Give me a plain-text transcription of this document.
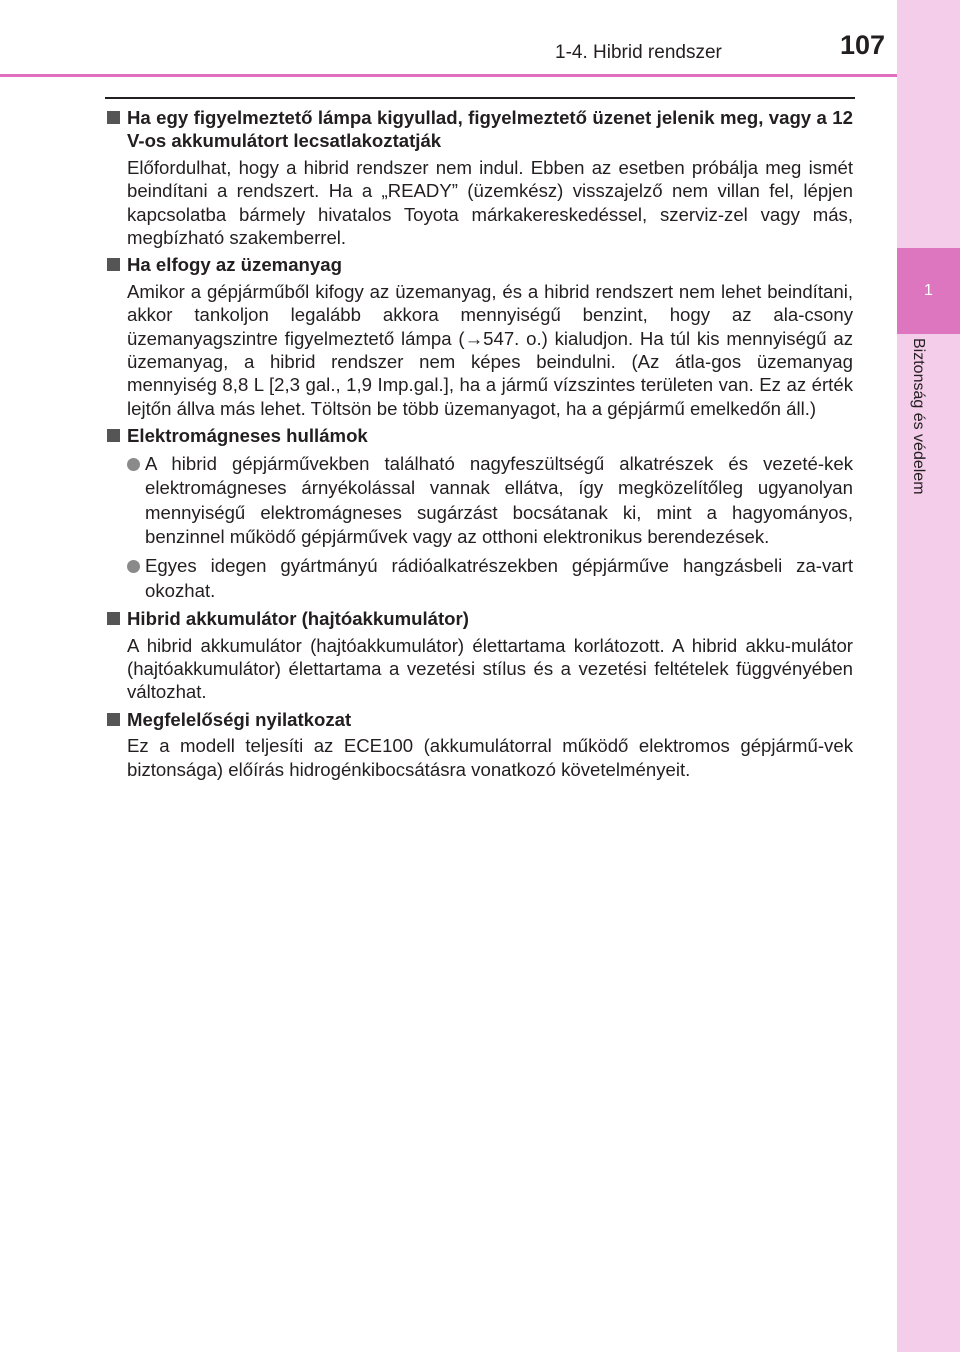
1
Biztonság és védelem
1-4. Hibrid rendszer	107
Ha egy figyelmeztető lámpa kigyullad, figyelmeztető üzenet jelenik meg, vagy a 12 V-os akkumulátort lecsatlakoztatják
Előfordulhat, hogy a hibrid rendszer nem indul. Ebben az esetben próbálja meg ismét beindítani a rendszert. Ha a „READY” (üzemkész) visszajelző nem villan fel, lépjen kapcsolatba bármely hivatalos Toyota márkakereskedéssel, szerviz-zel vagy más, megbízható szakemberrel.
Ha elfogy az üzemanyag
Amikor a gépjárműből kifogy az üzemanyag, és a hibrid rendszert nem lehet beindítani, akkor tankoljon legalább akkora mennyiségű benzint, hogy az ala-csony üzemanyagszintre figyelmeztető lámpa (→547. o.) kialudjon. Ha túl kis mennyiségű az üzemanyag, a hibrid rendszer nem képes beindulni. (Az átla-gos üzemanyag mennyiség 8,8 L [2,3 gal., 1,9 Imp.gal.], ha a jármű vízszintes területen van. Ez az érték lejtőn állva más lehet. Töltsön be több üzemanyagot, ha a gépjármű emelkedőn áll.)
Elektromágneses hullámok
A hibrid gépjárművekben található nagyfeszültségű alkatrészek és vezeté-kek elektromágneses árnyékolással vannak ellátva, így megközelítőleg ugyanolyan mennyiségű elektromágneses sugárzást bocsátanak ki, mint a hagyományos, benzinnel működő gépjárművek vagy az otthoni elektronikus berendezések.
Egyes idegen gyártmányú rádióalkatrészekben gépjárműve hangzásbeli za-vart okozhat.
Hibrid akkumulátor (hajtóakkumulátor)
A hibrid akkumulátor (hajtóakkumulátor) élettartama korlátozott. A hibrid akku-mulátor (hajtóakkumulátor) élettartama a vezetési stílus és a vezetési feltételek függvényében változhat.
Megfelelőségi nyilatkozat
Ez a modell teljesíti az ECE100 (akkumulátorral működő elektromos gépjármű-vek biztonsága) előírás hidrogénkibocsátásra vonatkozó követelményeit.
